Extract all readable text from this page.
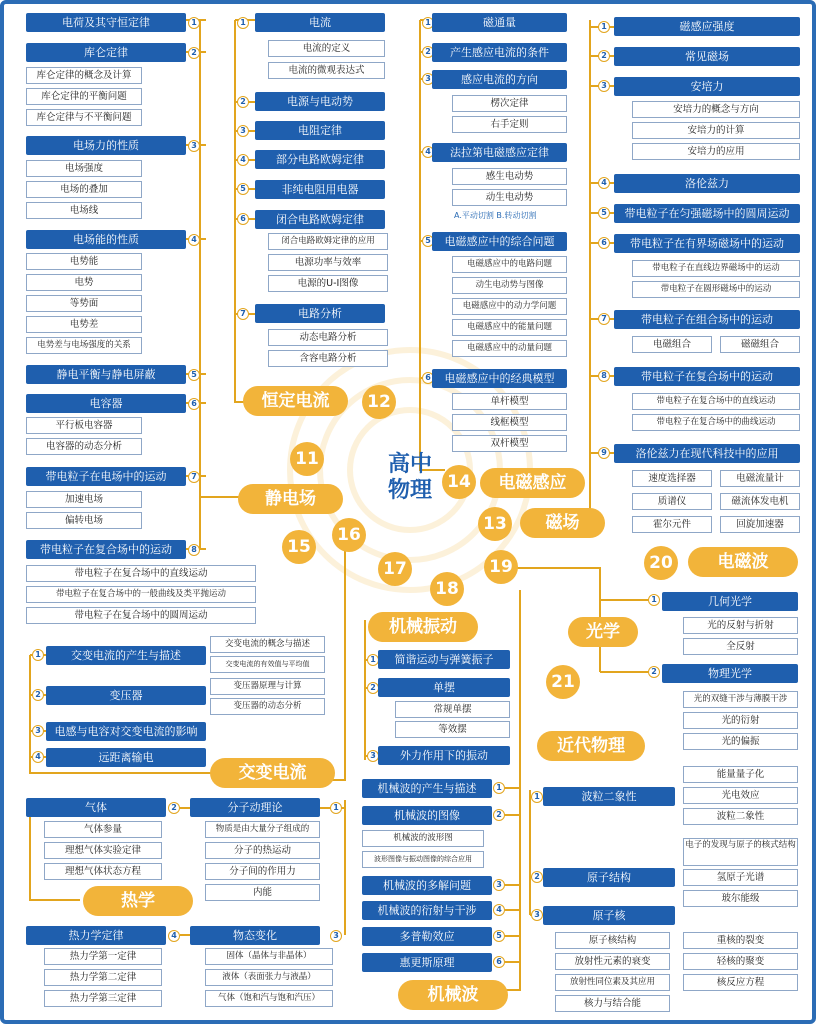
高中
物理
恒定电流	12
11
静电场
14	电磁感应
13	磁场
15
16
20	电磁波
17
18
19
机械振动	光学
21
近代物理
交变电流
热学
机械波
电荷及其守恒定律	1
库仑定律	2
库仑定律的概念及计算
库仑定律的平衡问题
库仑定律与不平衡问题
电场力的性质	3
电场强度
电场的叠加
电场线
电场能的性质	4
电势能
电势
等势面
电势差
电势差与电场强度的关系
静电平衡与静电屏蔽	5
电容器	6
平行板电容器
电容器的动态分析
带电粒子在电场中的运动	7
加速电场
偏转电场
带电粒子在复合场中的运动	8
带电粒子在复合场中的直线运动
带电粒子在复合场中的一般曲线及类平抛运动
带电粒子在复合场中的圆周运动
1	电流
电流的定义
电流的微观表达式
2	电源与电动势
3	电阻定律
4	部分电路欧姆定律
5	非纯电阻用电器
6	闭合电路欧姆定律
闭合电路欧姆定律的应用
电源功率与效率
电源的U-I图像
7	电路分析
动态电路分析
含容电路分析
1	磁通量
2	产生感应电流的条件
3	感应电流的方向
楞次定律
右手定则
4	法拉第电磁感应定律
感生电动势
动生电动势
A.平动切割 B.转动切割
5	电磁感应中的综合问题
电磁感应中的电路问题
动生电动势与图像
电磁感应中的动力学问题
电磁感应中的能量问题
电磁感应中的动量问题
6	电磁感应中的经典模型
单杆模型
线框模型
双杆模型
1	磁感应强度
2	常见磁场
3	安培力
安培力的概念与方向
安培力的计算
安培力的应用
4	洛伦兹力
5	带电粒子在匀强磁场中的圆周运动
6	带电粒子在有界场磁场中的运动
带电粒子在直线边界磁场中的运动
带电粒子在圆形磁场中的运动
7	带电粒子在组合场中的运动
电磁组合	磁磁组合
8	带电粒子在复合场中的运动
带电粒子在复合场中的直线运动
带电粒子在复合场中的曲线运动
9	洛伦兹力在现代科技中的应用
速度选择器	电磁流量计
质谱仪	磁流体发电机
霍尔元件	回旋加速器
1	交变电流的产生与描述
交变电流的概念与描述
交变电流的有效值与平均值
2	变压器
变压器原理与计算
变压器的动态分析
3	电感与电容对交变电流的影响
4	远距离输电
1	简谐运动与弹簧振子
2	单摆
常规单摆
等效摆
3	外力作用下的振动
1	几何光学
光的反射与折射
全反射
2	物理光学
光的双缝干涉与薄膜干涉
光的衍射
光的偏振
1	波粒二象性
能量量子化
光电效应
波粒二象性
2	原子结构
电子的发现与原子的核式结构
氢原子光谱
玻尔能级
3	原子核
原子核结构
放射性元素的衰变
放射性同位素及其应用
核力与结合能
重核的裂变
轻核的聚变
核反应方程
气体	2
气体参量
理想气体实验定律
理想气体状态方程
分子动理论	1
物质是由大量分子组成的
分子的热运动
分子间的作用力
内能
热力学定律	4
热力学第一定律
热力学第二定律
热力学第三定律
物态变化	3
固体（晶体与非晶体）
液体（表面张力与液晶）
气体（饱和汽与饱和汽压）
机械波的产生与描述	1
机械波的图像	2
机械波的波形图
波形图像与振动图像的综合应用
机械波的多解问题	3
机械波的衍射与干涉	4
多普勒效应	5
惠更斯原理	6
